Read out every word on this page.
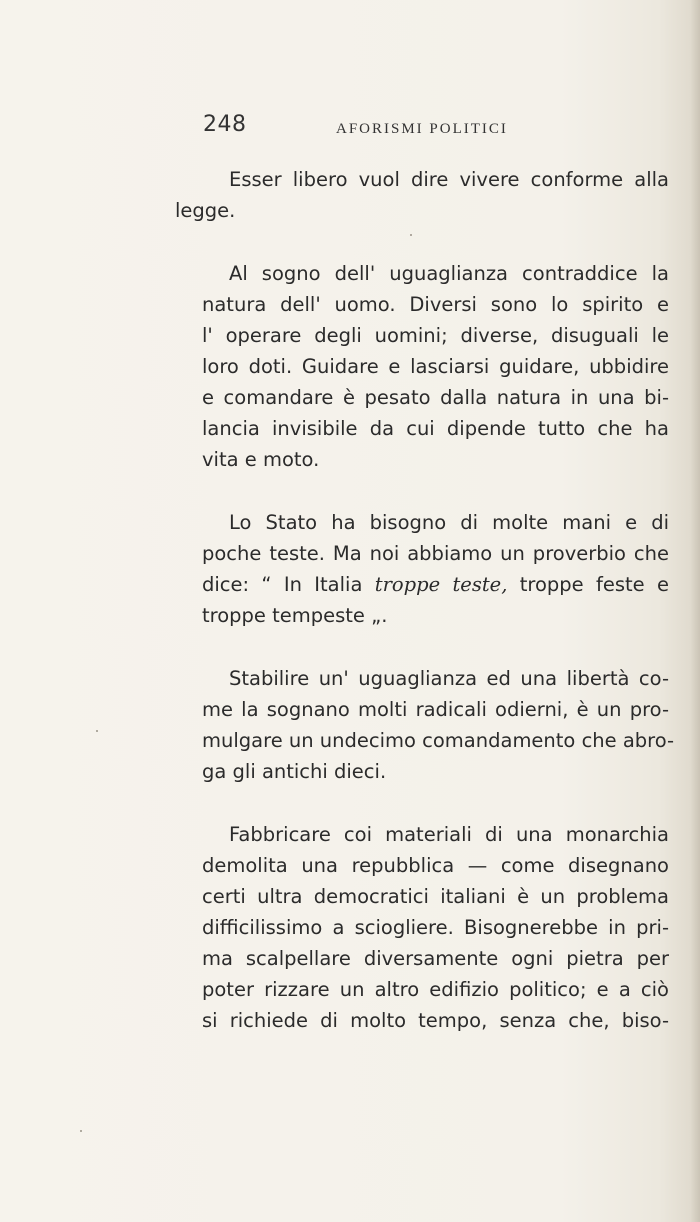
248	AFORISMI POLITICI
Esser libero vuol dire vivere conforme alla
legge.
Al sogno dell' uguaglianza contraddice la
natura dell' uomo. Diversi sono lo spirito e
l' operare degli uomini; diverse, disuguali le
loro doti. Guidare e lasciarsi guidare, ubbidire
e comandare è pesato dalla natura in una bi-
lancia invisibile da cui dipende tutto che ha
vita e moto.
Lo Stato ha bisogno di molte mani e di
poche teste. Ma noi abbiamo un proverbio che
dice: “ In Italia troppe teste, troppe feste e
troppe tempeste „.
Stabilire un' uguaglianza ed una libertà co-
me la sognano molti radicali odierni, è un pro-
mulgare un undecimo comandamento che abro-
ga gli antichi dieci.
Fabbricare coi materiali di una monarchia
demolita una repubblica — come disegnano
certi ultra democratici italiani è un problema
difficilissimo a sciogliere. Bisognerebbe in pri-
ma scalpellare diversamente ogni pietra per
poter rizzare un altro edifizio politico; e a ciò
si richiede di molto tempo, senza che, biso-
